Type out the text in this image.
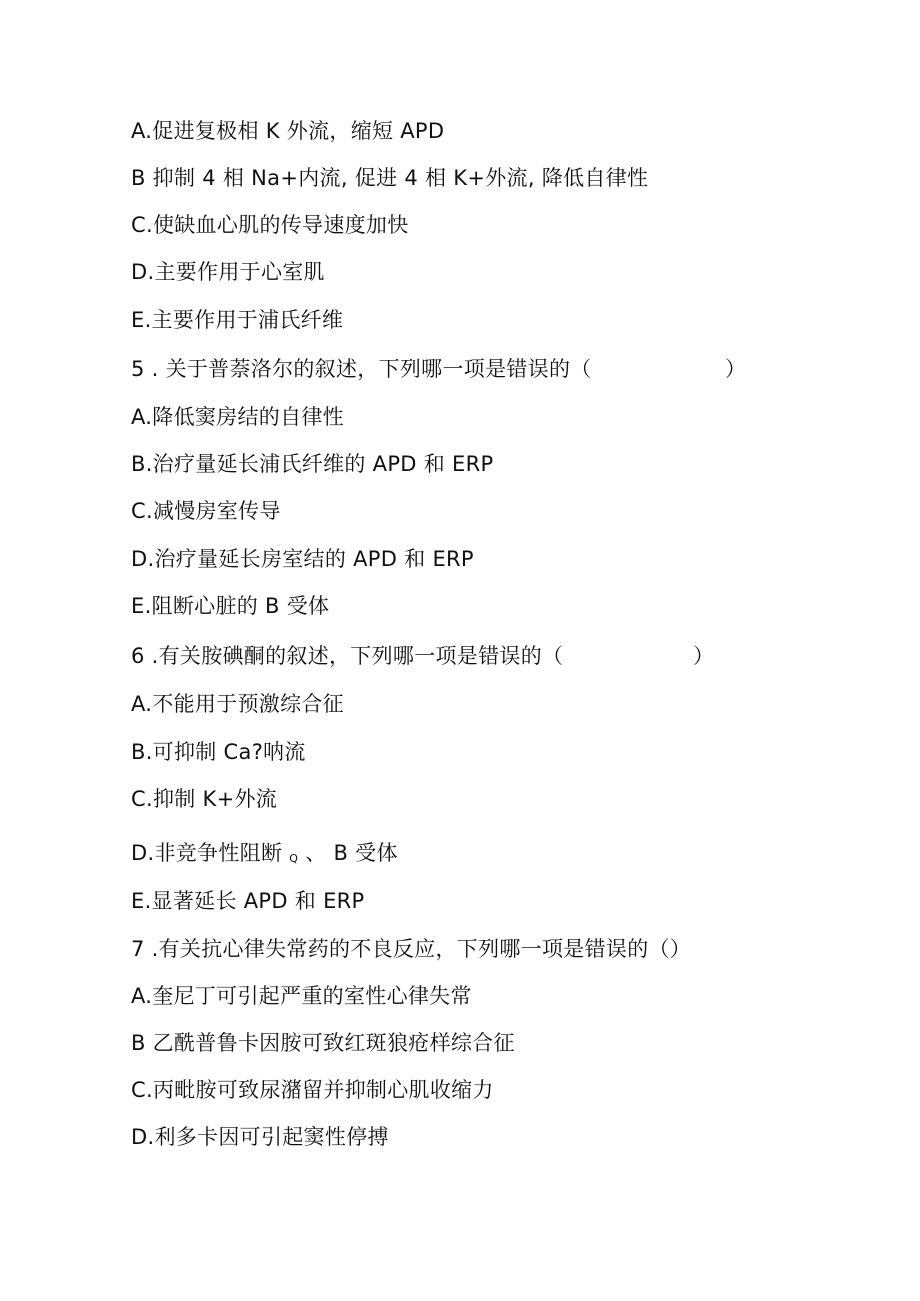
A.促进复极相 K 外流，缩短 APD
B 抑制 4 相 Na+内流, 促进 4 相 K+外流, 降低自律性
C.使缺血心肌的传导速度加快
D.主要作用于心室肌
E.主要作用于浦氏纤维
5 . 关于普萘洛尔的叙述，下列哪一项是错误的（	）
A.降低窦房结的自律性
B.治疗量延长浦氏纤维的 APD 和 ERP
C.减慢房室传导
D.治疗量延长房室结的 APD 和 ERP
E.阻断心脏的 B 受体
6 .有关胺碘酮的叙述，下列哪一项是错误的（	）
A.不能用于预激综合征
B.可抑制 Ca?呐流
C.抑制 K+外流
D.非竞争性阻断 Q 、 B 受体
E.显著延长 APD 和 ERP
7 .有关抗心律失常药的不良反应，下列哪一项是错误的（）
A.奎尼丁可引起严重的室性心律失常
B 乙酰普鲁卡因胺可致红斑狼疮样综合征
C.丙毗胺可致尿潴留并抑制心肌收缩力
D.利多卡因可引起窦性停搏
